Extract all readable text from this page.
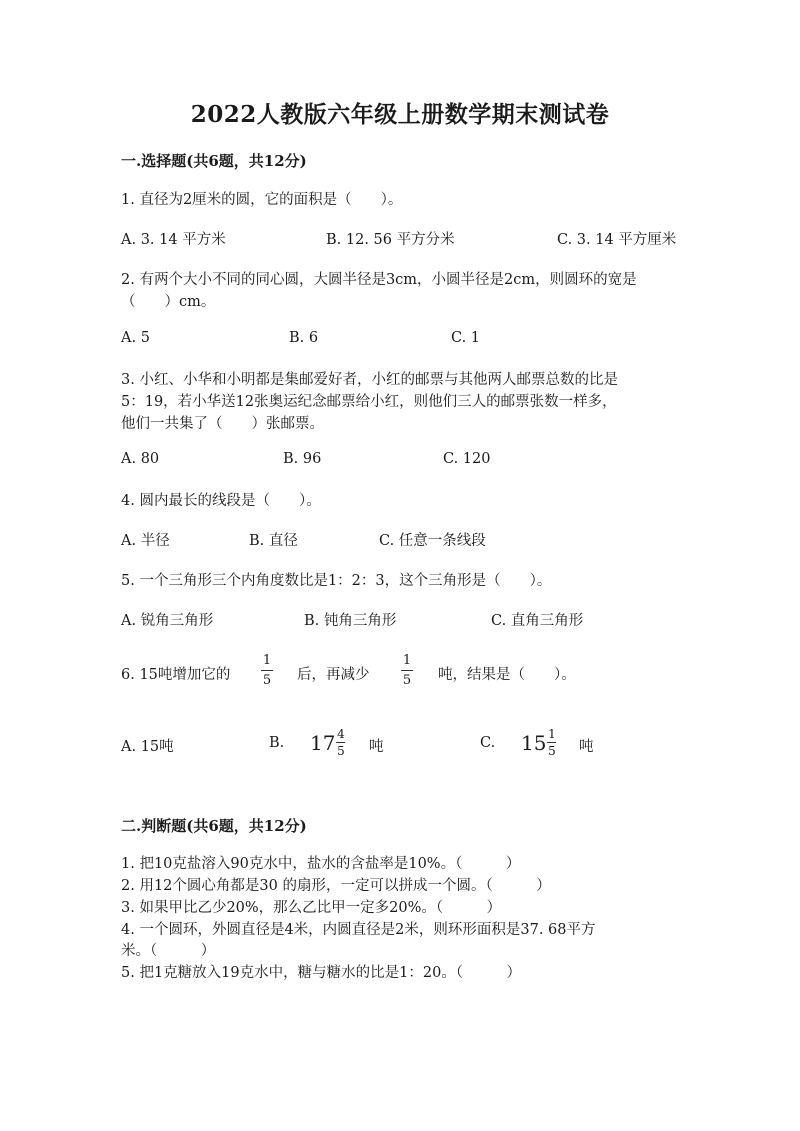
2022人教版六年级上册数学期末测试卷
一.选择题(共6题，共12分)
1. 直径为2厘米的圆，它的面积是（　　）。
A. 3. 14 平方米	B. 12. 56 平方分米	C. 3. 14 平方厘米
2. 有两个大小不同的同心圆，大圆半径是3cm，小圆半径是2cm，则圆环的宽是
（　　）cm。
A. 5	B. 6	C. 1
3. 小红、小华和小明都是集邮爱好者，小红的邮票与其他两人邮票总数的比是
5：19，若小华送12张奥运纪念邮票给小红，则他们三人的邮票张数一样多，
他们一共集了（　　）张邮票。
A. 80	B. 96	C. 120
4. 圆内最长的线段是（　　）。
A. 半径	B. 直径	C. 任意一条线段
5. 一个三角形三个内角度数比是1：2：3，这个三角形是（　　）。
A. 锐角三角形	B. 钝角三角形	C. 直角三角形
6. 15吨增加它的
1
5 后，再减少
1
5 吨，结果是（　　）。
A. 15吨	B. 17 4
5 吨	C. 15 1
5 吨
二.判断题(共6题，共12分)
1. 把10克盐溶入90克水中，盐水的含盐率是10%。（　　　）
2. 用12个圆心角都是30 的扇形，一定可以拼成一个圆。（　　　）
3. 如果甲比乙少20%，那么乙比甲一定多20%。（　　　）
4. 一个圆环，外圆直径是4米，内圆直径是2米，则环形面积是37. 68平方
米。（　　　）
5. 把1克糖放入19克水中，糖与糖水的比是1：20。（　　　）
